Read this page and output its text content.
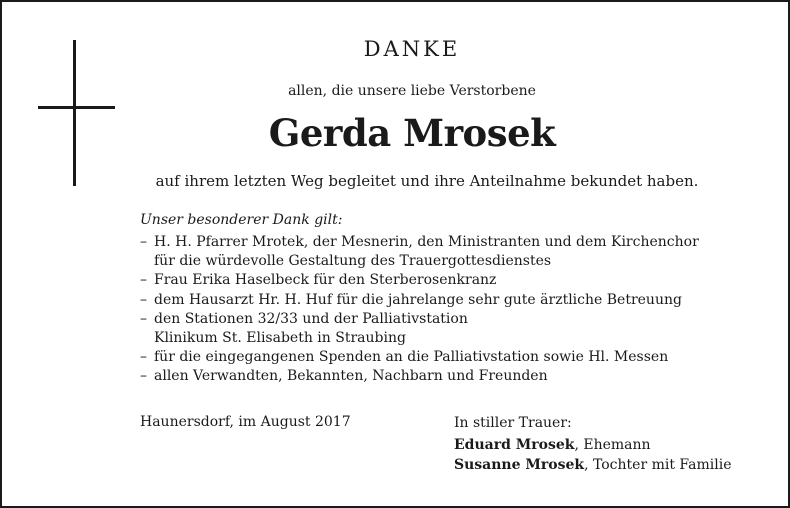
DANKE
allen, die unsere liebe Verstorbene
Gerda Mrosek
auf ihrem letzten Weg begleitet und ihre Anteilnahme bekundet haben.
Unser besonderer Dank gilt:
– H. H. Pfarrer Mrotek, der Mesnerin, den Ministranten und dem Kirchenchor
für die würdevolle Gestaltung des Trauergottesdienstes
– Frau Erika Haselbeck für den Sterberosenkranz
– dem Hausarzt Hr. H. Huf für die jahrelange sehr gute ärztliche Betreuung
– den Stationen 32/33 und der Palliativstation
Klinikum St. Elisabeth in Straubing
– für die eingegangenen Spenden an die Palliativstation sowie Hl. Messen
– allen Verwandten, Bekannten, Nachbarn und Freunden
Haunersdorf, im August 2017	In stiller Trauer:
Eduard Mrosek, Ehemann
Susanne Mrosek, Tochter mit Familie
